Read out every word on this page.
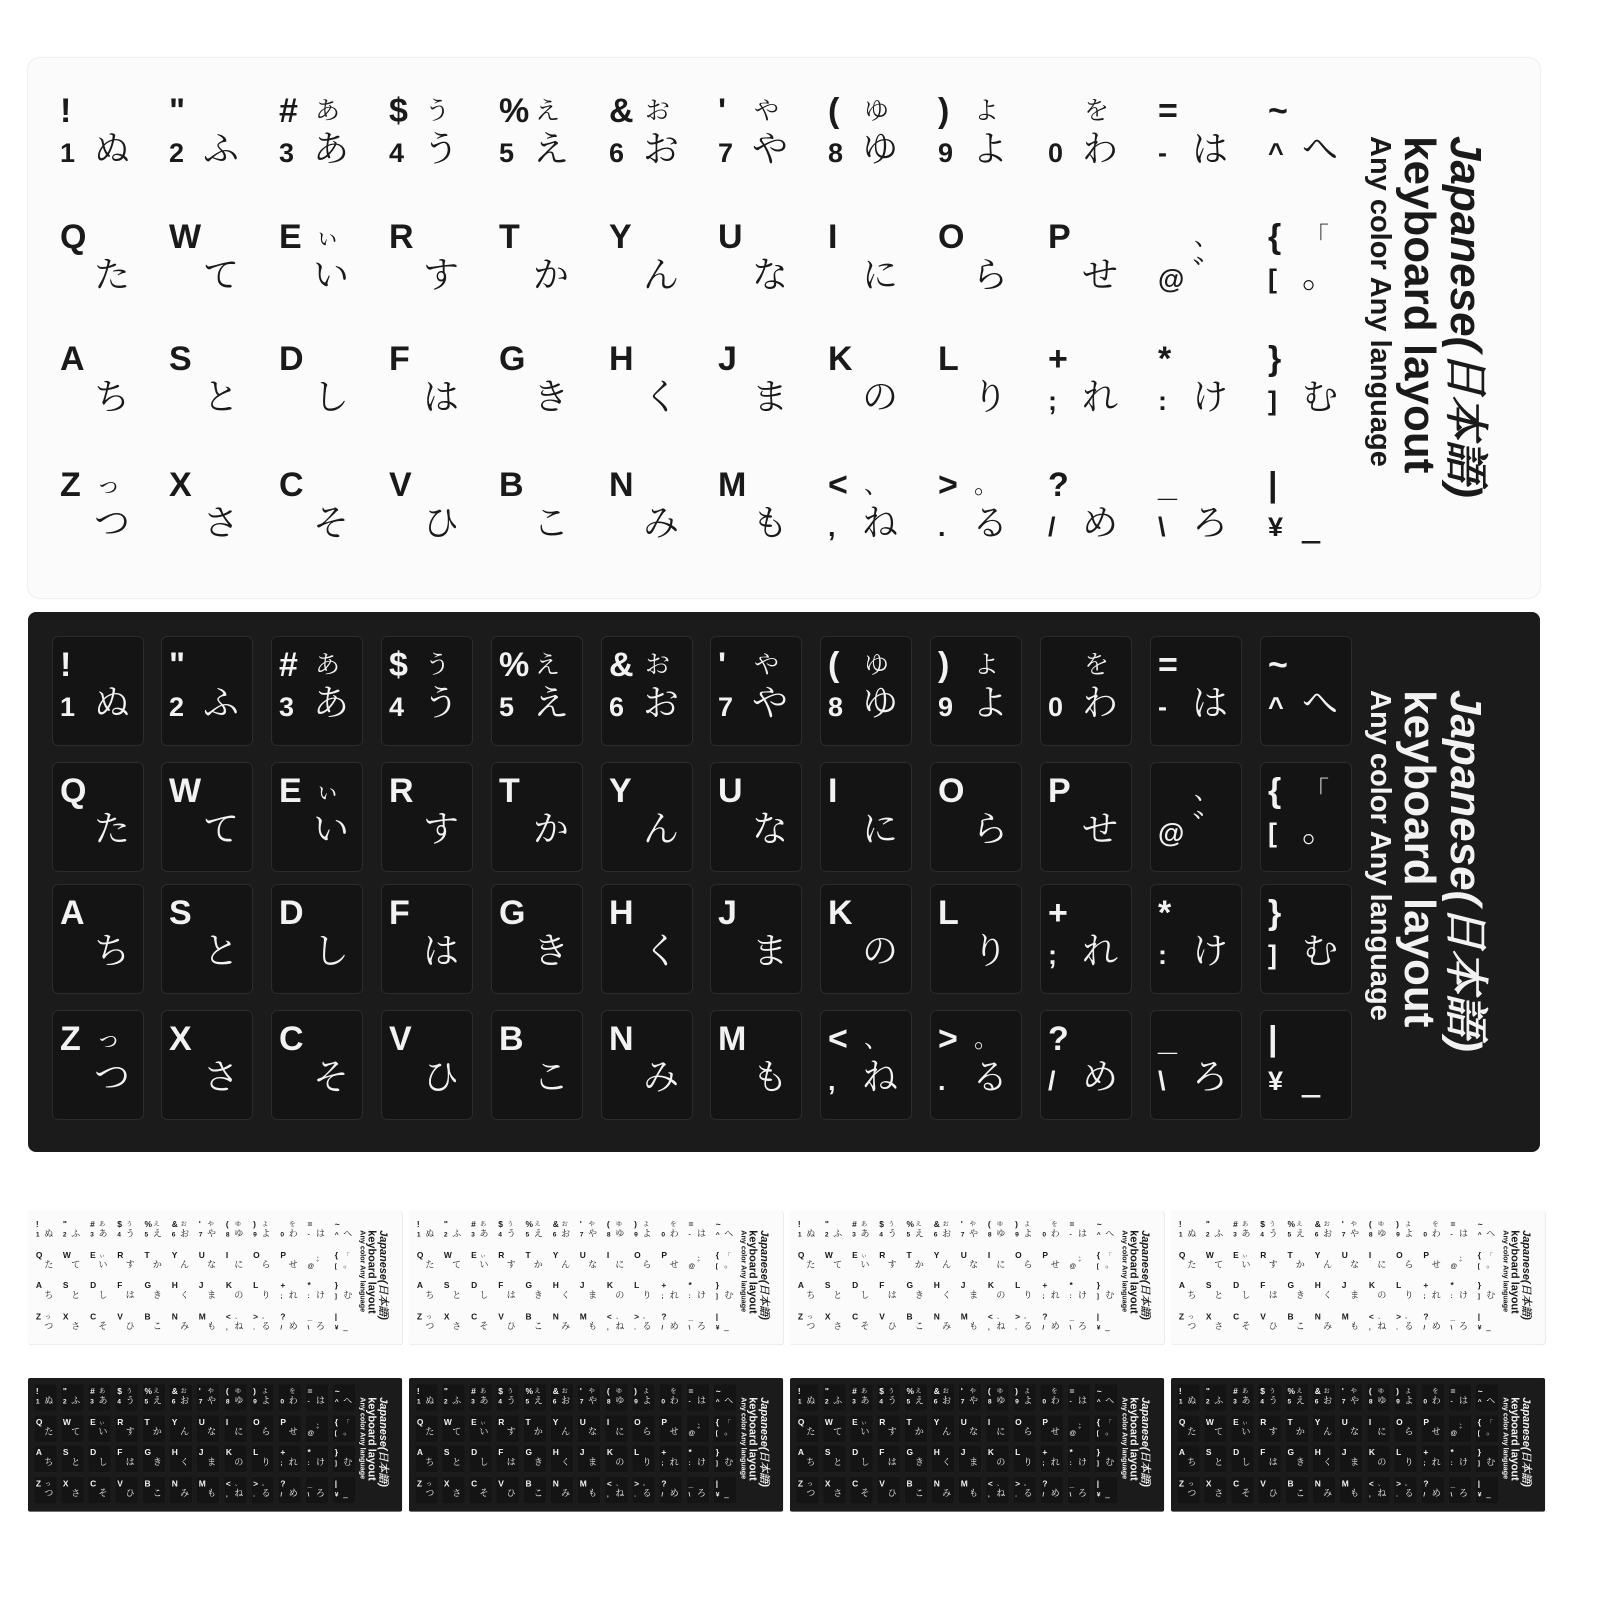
!
1 ぬ
"
2 ふ
#
3
あ
あ
$
4
う
う
%
5
え
え
&
6
お
お
'
7
や
や
(
8
ゆ
ゆ
)
9
よ
よ 0
を
わ
=
- は
~
^ へ
Q
た
W
て
E ぃ
い
R
す
T
か
Y
ん
U
な
I
に
O
ら
P
せ @
、
゛
{
[
「
。
A
ち
S
と
D
し
F
は
G
き
H
く
J
ま
K
の
L
り
+
; れ
*
: け
}
] む
Z っ
つ
X
さ
C
そ
V
ひ
B
こ
N
み
M
も
<
,
、
ね
>
.
。
る
?
/ め
_
\ ろ
|
¥ _
Japanese(日本語)
keyboard layout
Any color Any language
!
1 ぬ
"
2 ふ
#
3
あ
あ
$
4
う
う
%
5
え
え
&
6
お
お
'
7
や
や
(
8
ゆ
ゆ
)
9
よ
よ 0
を
わ
=
- は
~
^ へ
Q
た
W
て
E ぃ
い
R
す
T
か
Y
ん
U
な
I
に
O
ら
P
せ @
、
゛
{
[
「
。
A
ち
S
と
D
し
F
は
G
き
H
く
J
ま
K
の
L
り
+
; れ
*
: け
}
] む
Z っ
つ
X
さ
C
そ
V
ひ
B
こ
N
み
M
も
<
,
、
ね
>
.
。
る
?
/ め
_
\ ろ
|
¥ _
Japanese(日本語)
keyboard layout
Any color Any language
!
1 ぬ
"
2 ふ
#
3
あ
あ
$
4
う
う
%
5
え
え
&
6
お
お
'
7
や
や
(
8
ゆ
ゆ
)
9
よ
よ 0
を
わ
=
- は
~
^ へ
Q
た
W
て
E ぃ
い
R
す
T
か
Y
ん
U
な
I
に
O
ら
P
せ @
、
゛
{
[
「
。
A
ち
S
と
D
し
F
は
G
き
H
く
J
ま
K
の
L
り
+
; れ
*
: け
}
] む
Z っ
つ
X
さ
C
そ
V
ひ
B
こ
N
み
M
も
<
,
、
ね
>
.
。
る
?
/ め
_
\ ろ
|
¥ _
Japanese(日本語)
keyboard layout
Any color Any language
!
1 ぬ
"
2 ふ
#
3
あ
あ
$
4
う
う
%
5
え
え
&
6
お
お
'
7
や
や
(
8
ゆ
ゆ
)
9
よ
よ 0
を
わ
=
- は
~
^ へ
Q
た
W
て
E ぃ
い
R
す
T
か
Y
ん
U
な
I
に
O
ら
P
せ @
、
゛
{
[
「
。
A
ち
S
と
D
し
F
は
G
き
H
く
J
ま
K
の
L
り
+
; れ
*
: け
}
] む
Z っ
つ
X
さ
C
そ
V
ひ
B
こ
N
み
M
も
<
,
、
ね
>
.
。
る
?
/ め
_
\ ろ
|
¥ _
Japanese(日本語)
keyboard layout
Any color Any language
!
1 ぬ
"
2 ふ
#
3
あ
あ
$
4
う
う
%
5
え
え
&
6
お
お
'
7
や
や
(
8
ゆ
ゆ
)
9
よ
よ 0
を
わ
=
- は
~
^ へ
Q
た
W
て
E ぃ
い
R
す
T
か
Y
ん
U
な
I
に
O
ら
P
せ @
、
゛
{
[
「
。
A
ち
S
と
D
し
F
は
G
き
H
く
J
ま
K
の
L
り
+
; れ
*
: け
}
] む
Z っ
つ
X
さ
C
そ
V
ひ
B
こ
N
み
M
も
<
,
、
ね
>
.
。
る
?
/ め
_
\ ろ
|
¥ _
Japanese(日本語)
keyboard layout
Any color Any language
!
1 ぬ
"
2 ふ
#
3
あ
あ
$
4
う
う
%
5
え
え
&
6
お
お
'
7
や
や
(
8
ゆ
ゆ
)
9
よ
よ 0
を
わ
=
- は
~
^ へ
Q
た
W
て
E ぃ
い
R
す
T
か
Y
ん
U
な
I
に
O
ら
P
せ @
、
゛
{
[
「
。
A
ち
S
と
D
し
F
は
G
き
H
く
J
ま
K
の
L
り
+
; れ
*
: け
}
] む
Z っ
つ
X
さ
C
そ
V
ひ
B
こ
N
み
M
も
<
,
、
ね
>
.
。
る
?
/ め
_
\ ろ
|
¥ _
Japanese(日本語)
keyboard layout
Any color Any language
!
1 ぬ
"
2 ふ
#
3
あ
あ
$
4
う
う
%
5
え
え
&
6
お
お
'
7
や
や
(
8
ゆ
ゆ
)
9
よ
よ 0
を
わ
=
- は
~
^ へ
Q
た
W
て
E ぃ
い
R
す
T
か
Y
ん
U
な
I
に
O
ら
P
せ @
、
゛
{
[
「
。
A
ち
S
と
D
し
F
は
G
き
H
く
J
ま
K
の
L
り
+
; れ
*
: け
}
] む
Z っ
つ
X
さ
C
そ
V
ひ
B
こ
N
み
M
も
<
,
、
ね
>
.
。
る
?
/ め
_
\ ろ
|
¥ _
Japanese(日本語)
keyboard layout
Any color Any language
!
1 ぬ
"
2 ふ
#
3
あ
あ
$
4
う
う
%
5
え
え
&
6
お
お
'
7
や
や
(
8
ゆ
ゆ
)
9
よ
よ 0
を
わ
=
- は
~
^ へ
Q
た
W
て
E ぃ
い
R
す
T
か
Y
ん
U
な
I
に
O
ら
P
せ @
、
゛
{
[
「
。
A
ち
S
と
D
し
F
は
G
き
H
く
J
ま
K
の
L
り
+
; れ
*
: け
}
] む
Z っ
つ
X
さ
C
そ
V
ひ
B
こ
N
み
M
も
<
,
、
ね
>
.
。
る
?
/ め
_
\ ろ
|
¥ _
Japanese(日本語)
keyboard layout
Any color Any language
!
1 ぬ
"
2 ふ
#
3
あ
あ
$
4
う
う
%
5
え
え
&
6
お
お
'
7
や
や
(
8
ゆ
ゆ
)
9
よ
よ 0
を
わ
=
- は
~
^ へ
Q
た
W
て
E ぃ
い
R
す
T
か
Y
ん
U
な
I
に
O
ら
P
せ @
、
゛
{
[
「
。
A
ち
S
と
D
し
F
は
G
き
H
く
J
ま
K
の
L
り
+
; れ
*
: け
}
] む
Z っ
つ
X
さ
C
そ
V
ひ
B
こ
N
み
M
も
<
,
、
ね
>
.
。
る
?
/ め
_
\ ろ
|
¥ _
Japanese(日本語)
keyboard layout
Any color Any language
!
1 ぬ
"
2 ふ
#
3
あ
あ
$
4
う
う
%
5
え
え
&
6
お
お
'
7
や
や
(
8
ゆ
ゆ
)
9
よ
よ 0
を
わ
=
- は
~
^ へ
Q
た
W
て
E ぃ
い
R
す
T
か
Y
ん
U
な
I
に
O
ら
P
せ @
、
゛
{
[
「
。
A
ち
S
と
D
し
F
は
G
き
H
く
J
ま
K
の
L
り
+
; れ
*
: け
}
] む
Z っ
つ
X
さ
C
そ
V
ひ
B
こ
N
み
M
も
<
,
、
ね
>
.
。
る
?
/ め
_
\ ろ
|
¥ _
Japanese(日本語)
keyboard layout
Any color Any language
